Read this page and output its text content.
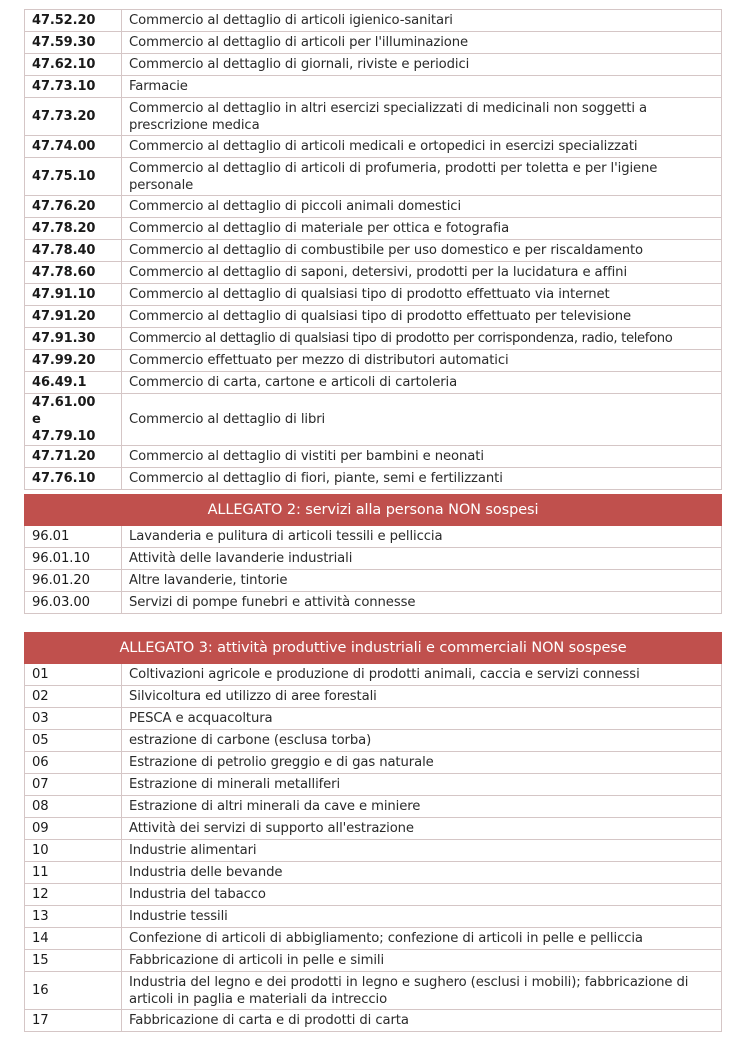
47.52.20	Commercio al dettaglio di articoli igienico-sanitari
47.59.30	Commercio al dettaglio di articoli per l'illuminazione
47.62.10	Commercio al dettaglio di giornali, riviste e periodici
47.73.10	Farmacie
47.73.20	Commercio al dettaglio in altri esercizi specializzati di medicinali non soggetti a prescrizione medica
47.74.00	Commercio al dettaglio di articoli medicali e ortopedici in esercizi specializzati
47.75.10	Commercio al dettaglio di articoli di profumeria, prodotti per toletta e per l'igiene personale
47.76.20	Commercio al dettaglio di piccoli animali domestici
47.78.20	Commercio al dettaglio di materiale per ottica e fotografia
47.78.40	Commercio al dettaglio di combustibile per uso domestico e per riscaldamento
47.78.60	Commercio al dettaglio di saponi, detersivi, prodotti per la lucidatura e affini
47.91.10	Commercio al dettaglio di qualsiasi tipo di prodotto effettuato via internet
47.91.20	Commercio al dettaglio di qualsiasi tipo di prodotto effettuato per televisione
47.91.30	Commercio al dettaglio di qualsiasi tipo di prodotto per corrispondenza, radio, telefono
47.99.20	Commercio effettuato per mezzo di distributori automatici
46.49.1	Commercio di carta, cartone e articoli di cartoleria
47.61.00 e 47.79.10	Commercio al dettaglio di libri
47.71.20	Commercio al dettaglio di vistiti per bambini e neonati
47.76.10	Commercio al dettaglio di fiori, piante, semi e fertilizzanti
ALLEGATO 2: servizi alla persona NON sospesi	
96.01	Lavanderia e pulitura di articoli tessili e pelliccia
96.01.10	Attività delle lavanderie industriali
96.01.20	Altre lavanderie, tintorie
96.03.00	Servizi di pompe funebri e attività connesse
ALLEGATO 3: attività produttive industriali e commerciali NON sospese	
01	Coltivazioni agricole e produzione di prodotti animali, caccia e servizi connessi
02	Silvicoltura ed utilizzo di aree forestali
03	PESCA e acquacoltura
05	estrazione di carbone (esclusa torba)
06	Estrazione di petrolio greggio e di gas naturale
07	Estrazione di minerali metalliferi
08	Estrazione di altri minerali da cave e miniere
09	Attività dei servizi di supporto all'estrazione
10	Industrie alimentari
11	Industria delle bevande
12	Industria del tabacco
13	Industrie tessili
14	Confezione di articoli di abbigliamento; confezione di articoli in pelle e pelliccia
15	Fabbricazione di articoli in pelle e simili
16	Industria del legno e dei prodotti in legno e sughero (esclusi i mobili); fabbricazione di articoli in paglia e materiali da intreccio
17	Fabbricazione di carta e di prodotti di carta
